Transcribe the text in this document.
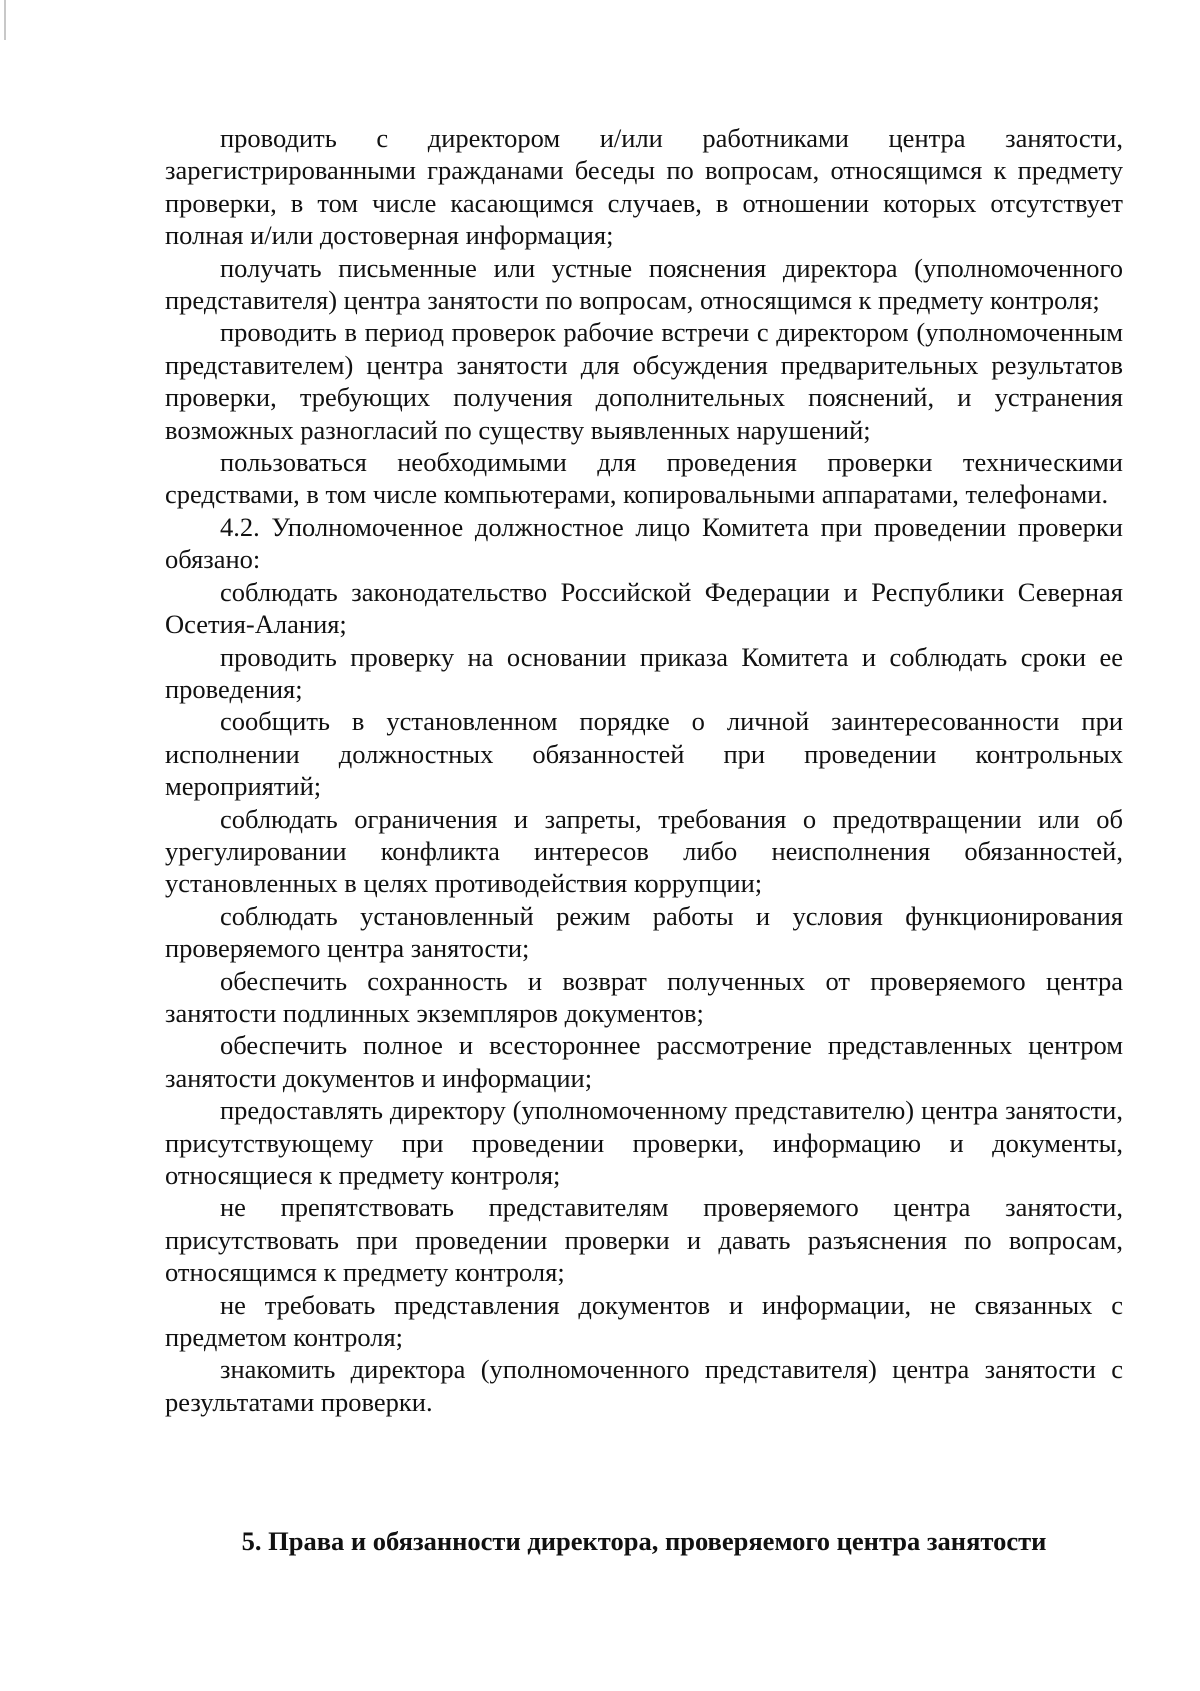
проводить с директором и/или работниками центра занятости, зарегистрированными гражданами беседы по вопросам, относящимся к предмету проверки, в том числе касающимся случаев, в отношении которых отсутствует полная и/или достоверная информация;

получать письменные или устные пояснения директора (уполномоченного представителя) центра занятости по вопросам, относящимся к предмету контроля;

проводить в период проверок рабочие встречи с директором (уполномоченным представителем) центра занятости для обсуждения предварительных результатов проверки, требующих получения дополнительных пояснений, и устранения возможных разногласий по существу выявленных нарушений;

пользоваться необходимыми для проведения проверки техническими средствами, в том числе компьютерами, копировальными аппаратами, телефонами.

4.2. Уполномоченное должностное лицо Комитета при проведении проверки обязано:

соблюдать законодательство Российской Федерации и Республики Северная Осетия-Алания;

проводить проверку на основании приказа Комитета и соблюдать сроки ее проведения;

сообщить в установленном порядке о личной заинтересованности при исполнении должностных обязанностей при проведении контрольных мероприятий;

соблюдать ограничения и запреты, требования о предотвращении или об урегулировании конфликта интересов либо неисполнения обязанностей, установленных в целях противодействия коррупции;

соблюдать установленный режим работы и условия функционирования проверяемого центра занятости;

обеспечить сохранность и возврат полученных от проверяемого центра занятости подлинных экземпляров документов;

обеспечить полное и всестороннее рассмотрение представленных центром занятости документов и информации;

предоставлять директору (уполномоченному представителю) центра занятости, присутствующему при проведении проверки, информацию и документы, относящиеся к предмету контроля;

не препятствовать представителям проверяемого центра занятости, присутствовать при проведении проверки и давать разъяснения по вопросам, относящимся к предмету контроля;

не требовать представления документов и информации, не связанных с предметом контроля;

знакомить директора (уполномоченного представителя) центра занятости с результатами проверки.

5. Права и обязанности директора, проверяемого центра занятости
